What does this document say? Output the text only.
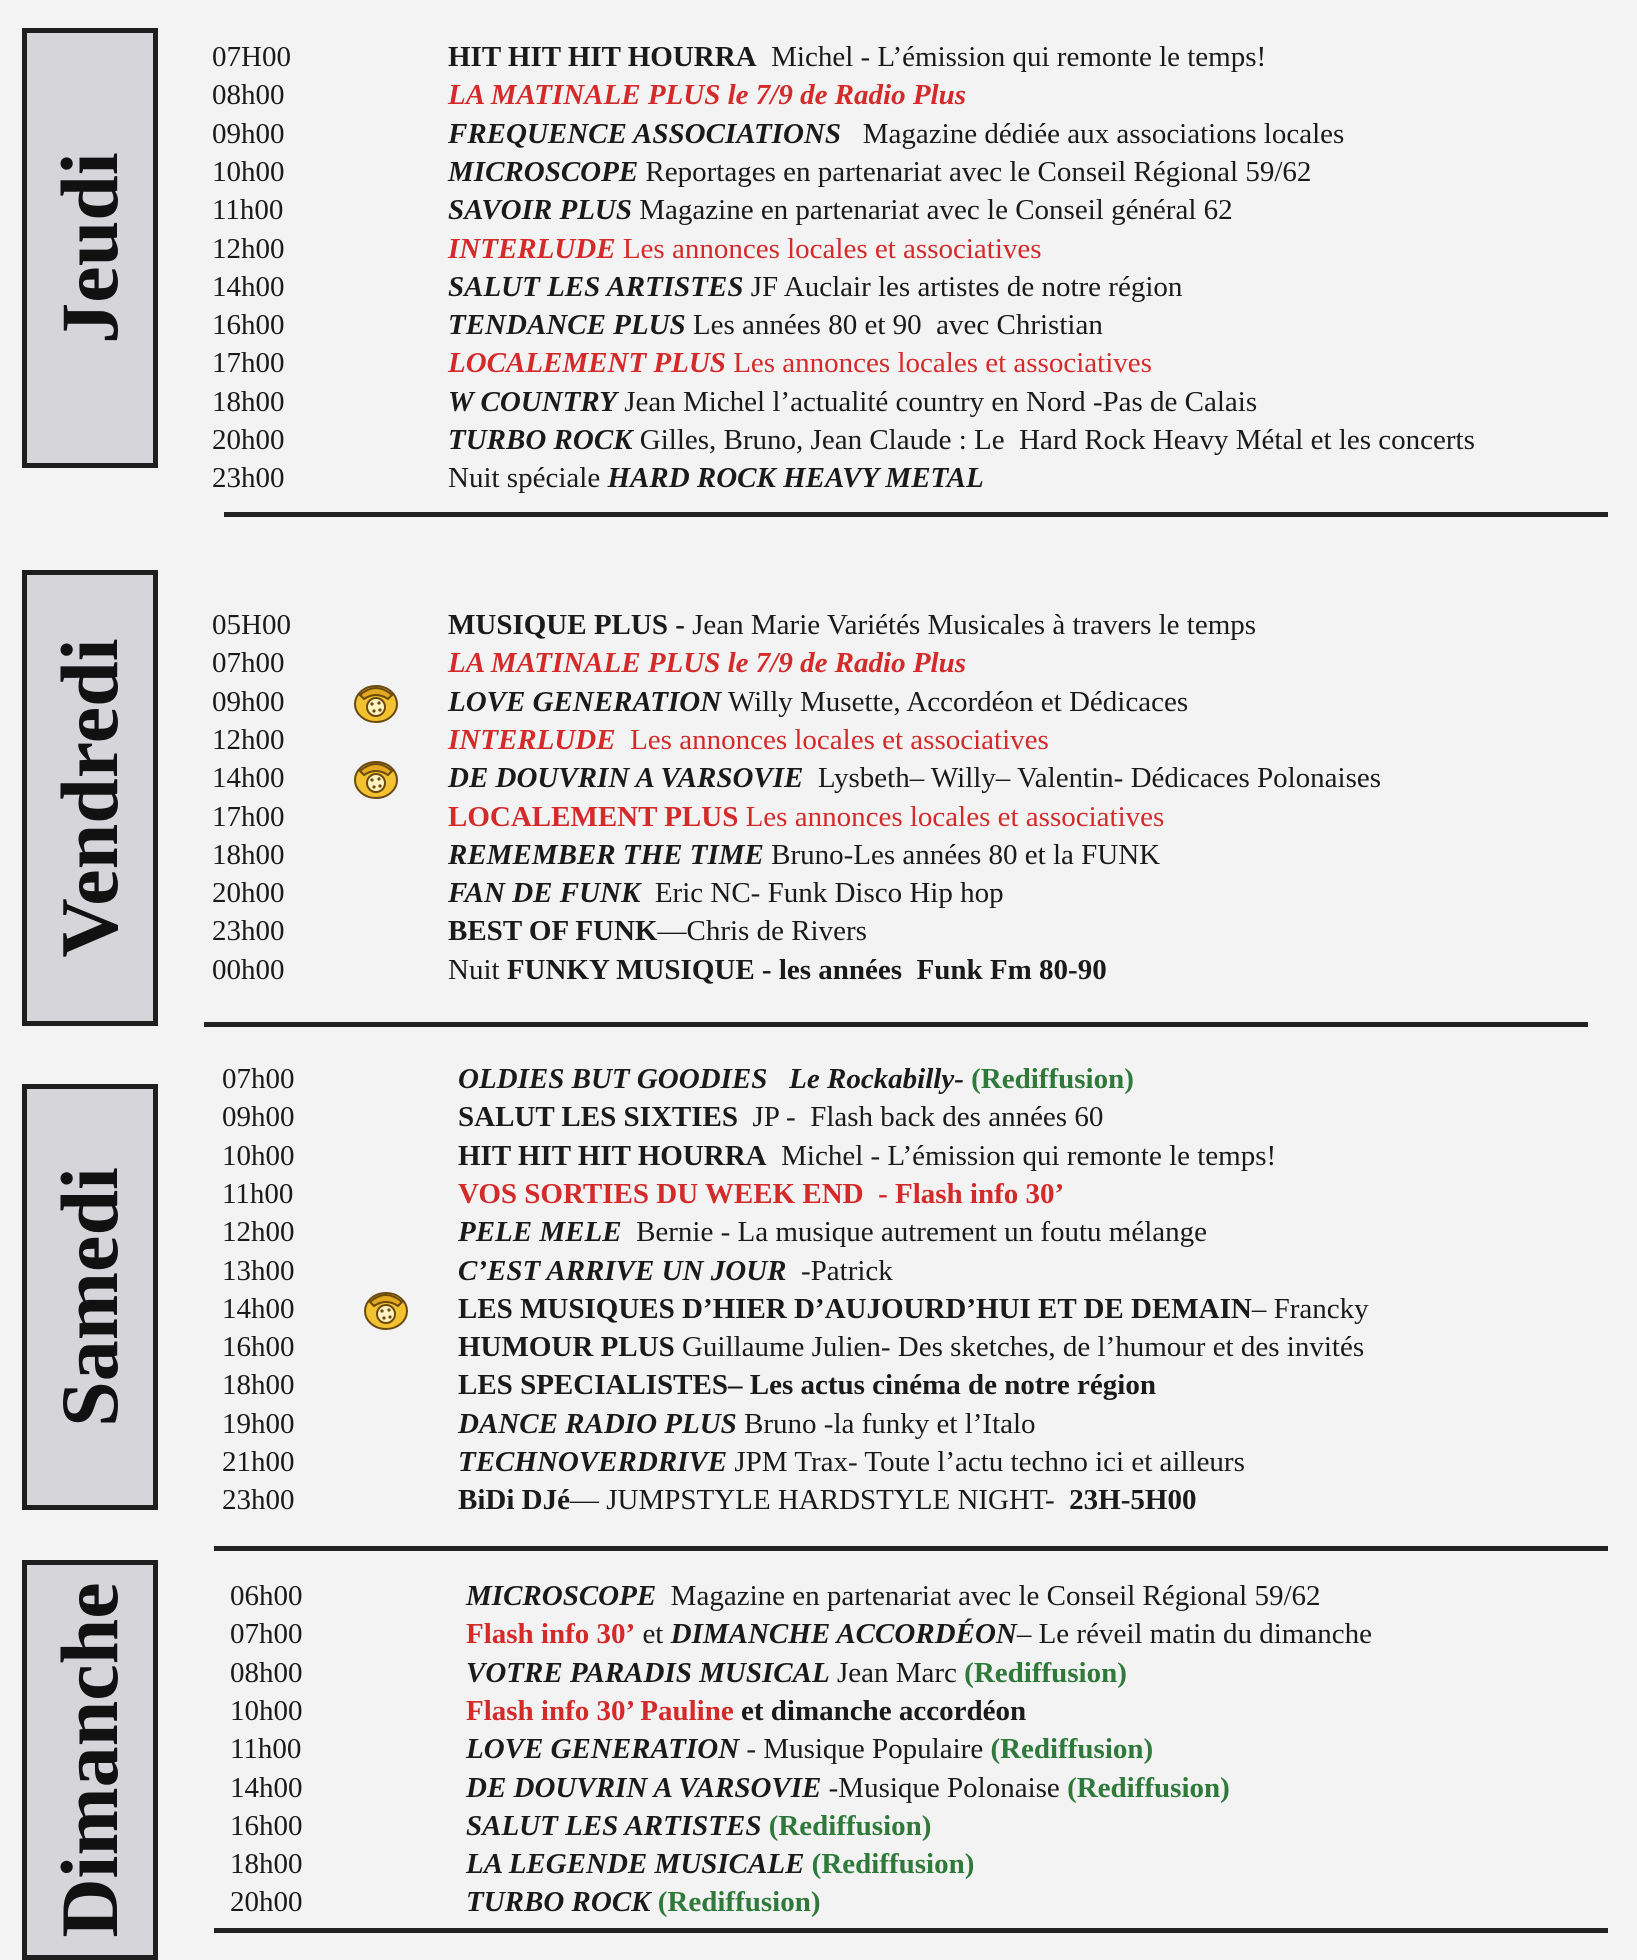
Jeudi
07H00	HIT HIT HIT HOURRA  Michel - L’émission qui remonte le temps!
08h00	LA MATINALE PLUS le 7/9 de Radio Plus
09h00	FREQUENCE ASSOCIATIONS   Magazine dédiée aux associations locales
10h00	MICROSCOPE Reportages en partenariat avec le Conseil Régional 59/62
11h00	SAVOIR PLUS Magazine en partenariat avec le Conseil général 62
12h00	INTERLUDE Les annonces locales et associatives
14h00	SALUT LES ARTISTES JF Auclair les artistes de notre région
16h00	TENDANCE PLUS Les années 80 et 90  avec Christian
17h00	LOCALEMENT PLUS Les annonces locales et associatives
18h00	W COUNTRY Jean Michel l’actualité country en Nord -Pas de Calais
20h00	TURBO ROCK Gilles, Bruno, Jean Claude : Le  Hard Rock Heavy Métal et les concerts
23h00	Nuit spéciale HARD ROCK HEAVY METAL
Vendredi
05H00	MUSIQUE PLUS - Jean Marie Variétés Musicales à travers le temps
07h00	LA MATINALE PLUS le 7/9 de Radio Plus
09h00	LOVE GENERATION Willy Musette, Accordéon et Dédicaces
12h00	INTERLUDE  Les annonces locales et associatives
14h00	DE DOUVRIN A VARSOVIE  Lysbeth– Willy– Valentin- Dédicaces Polonaises
17h00	LOCALEMENT PLUS Les annonces locales et associatives
18h00	REMEMBER THE TIME Bruno-Les années 80 et la FUNK
20h00	FAN DE FUNK  Eric NC- Funk Disco Hip hop
23h00	BEST OF FUNK—Chris de Rivers
00h00	Nuit FUNKY MUSIQUE - les années  Funk Fm 80-90
Samedi
07h00	OLDIES BUT GOODIES   Le Rockabilly- (Rediffusion)
09h00	SALUT LES SIXTIES  JP -  Flash back des années 60
10h00	HIT HIT HIT HOURRA  Michel - L’émission qui remonte le temps!
11h00	VOS SORTIES DU WEEK END  - Flash info 30’
12h00	PELE MELE  Bernie - La musique autrement un foutu mélange
13h00	C’EST ARRIVE UN JOUR  -Patrick
14h00	LES MUSIQUES D’HIER D’AUJOURD’HUI ET DE DEMAIN– Francky
16h00	HUMOUR PLUS Guillaume Julien- Des sketches, de l’humour et des invités
18h00	LES SPECIALISTES– Les actus cinéma de notre région
19h00	DANCE RADIO PLUS Bruno -la funky et l’Italo
21h00	TECHNOVERDRIVE JPM Trax- Toute l’actu techno ici et ailleurs
23h00	BiDi DJé— JUMPSTYLE HARDSTYLE NIGHT-  23H-5H00
Dimanche	06h00	MICROSCOPE  Magazine en partenariat avec le Conseil Régional 59/62
07h00	Flash info 30’ et DIMANCHE ACCORDÉON– Le réveil matin du dimanche
08h00	VOTRE PARADIS MUSICAL Jean Marc (Rediffusion)
10h00	Flash info 30’ Pauline et dimanche accordéon
11h00	LOVE GENERATION - Musique Populaire (Rediffusion)
14h00	DE DOUVRIN A VARSOVIE -Musique Polonaise (Rediffusion)
16h00	SALUT LES ARTISTES (Rediffusion)
18h00	LA LEGENDE MUSICALE (Rediffusion)
20h00	TURBO ROCK (Rediffusion)
